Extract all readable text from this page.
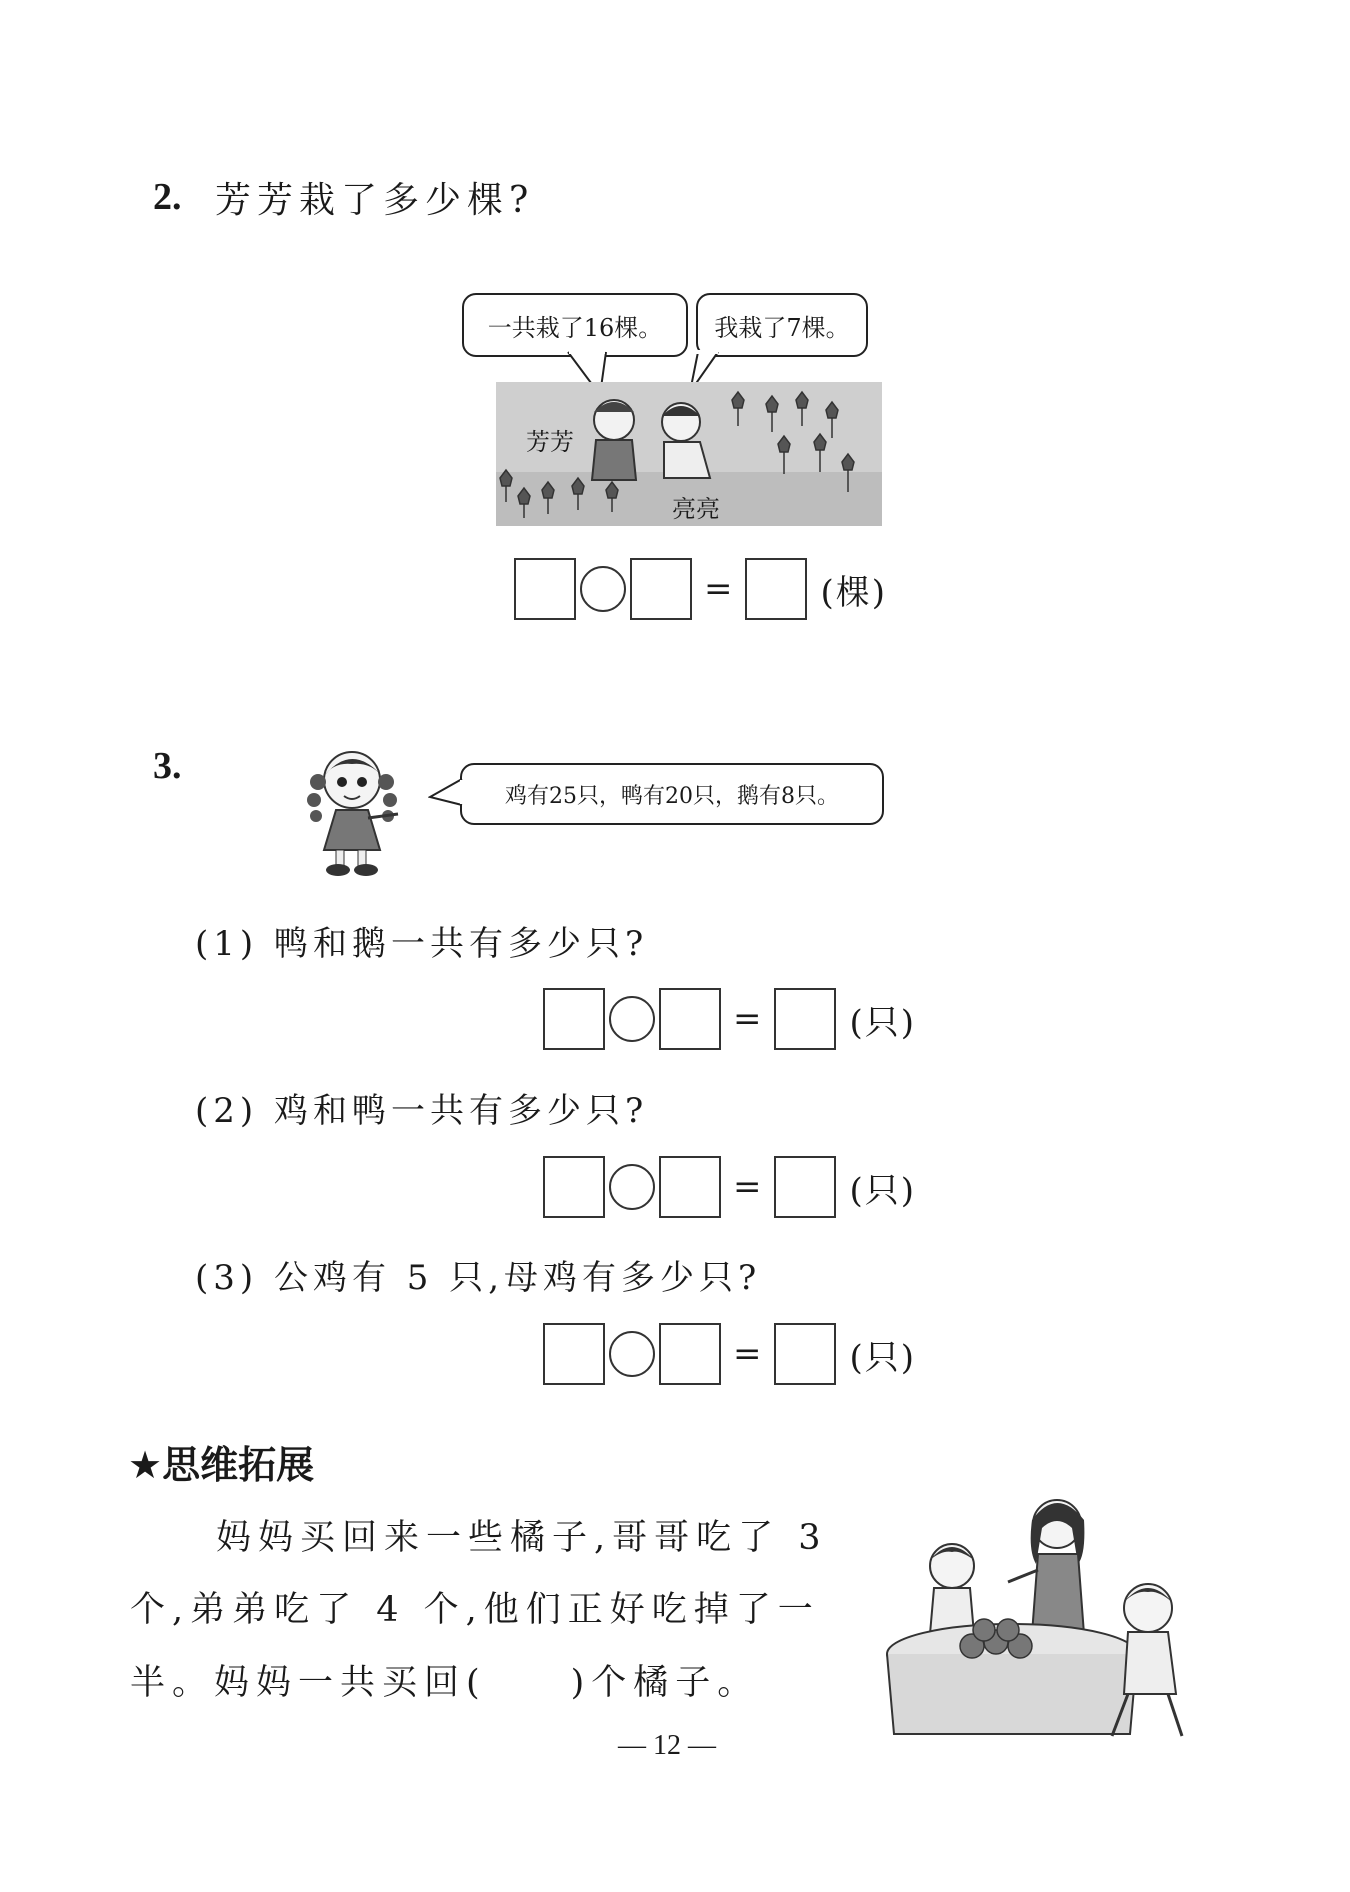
2. 芳芳栽了多少棵?
一共栽了16棵。 我栽了7棵。
芳芳
亮亮
=	(棵)
3.
鸡有25只，鸭有20只，鹅有8只。
(1) 鸭和鹅一共有多少只?
=	(只)
(2) 鸡和鸭一共有多少只?
=	(只)
(3) 公鸡有 5 只,母鸡有多少只?
=	(只)
★思维拓展
妈妈买回来一些橘子,哥哥吃了 3
个,弟弟吃了 4 个,他们正好吃掉了一
半。妈妈一共买回(　　)个橘子。
— 12 —
